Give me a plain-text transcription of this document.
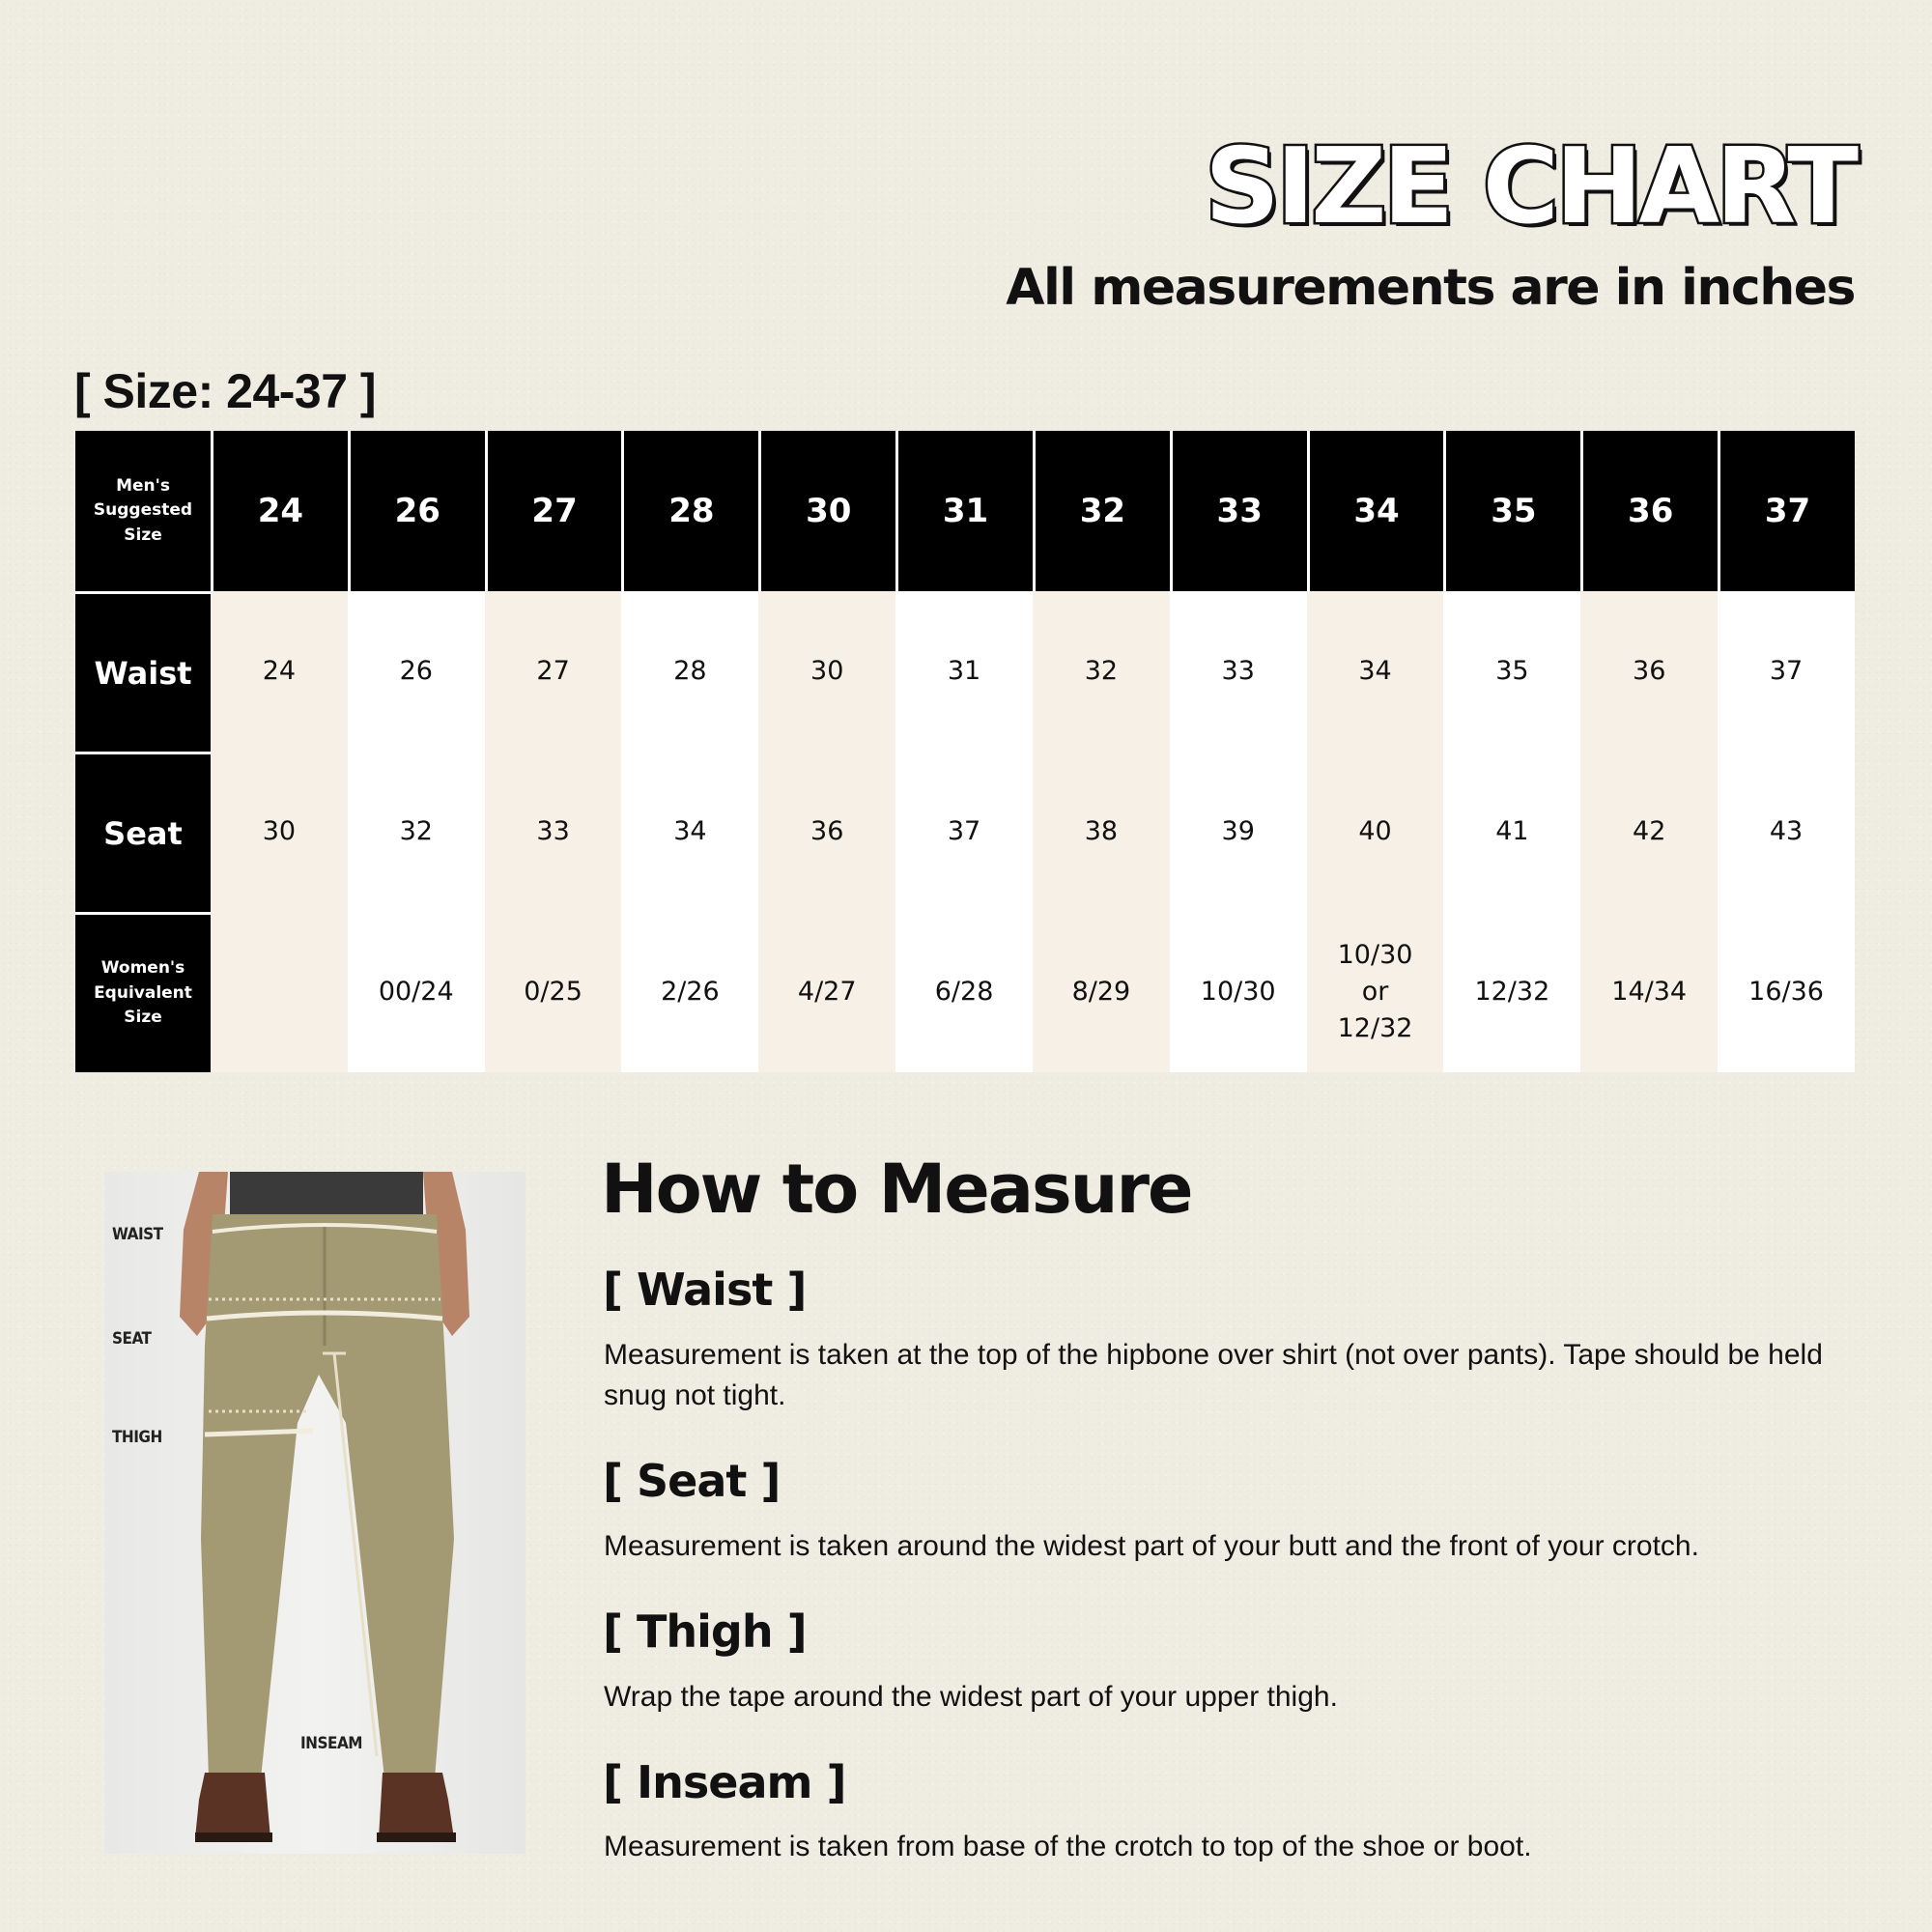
SIZE CHART
All measurements are in inches
[ Size: 24-37 ]
Men's Suggested Size	24	26	27	28	30	31	32	33	34	35	36	37
Waist	24	26	27	28	30	31	32	33	34	35	36	37
Seat	30	32	33	34	36	37	38	39	40	41	42	43
Women's Equivalent Size		00/24	0/25	2/26	4/27	6/28	8/29	10/30	10/30 or 12/32	12/32	14/34	16/36
WAIST
SEAT
THIGH
INSEAM
How to Measure
[ Waist ]
Measurement is taken at the top of the hipbone over shirt (not over pants). Tape should be held snug not tight.
[ Seat ]
Measurement is taken around the widest part of your butt and the front of your crotch.
[ Thigh ]
Wrap the tape around the widest part of your upper thigh.
[ Inseam ]
Measurement is taken from base of the crotch to top of the shoe or boot.
